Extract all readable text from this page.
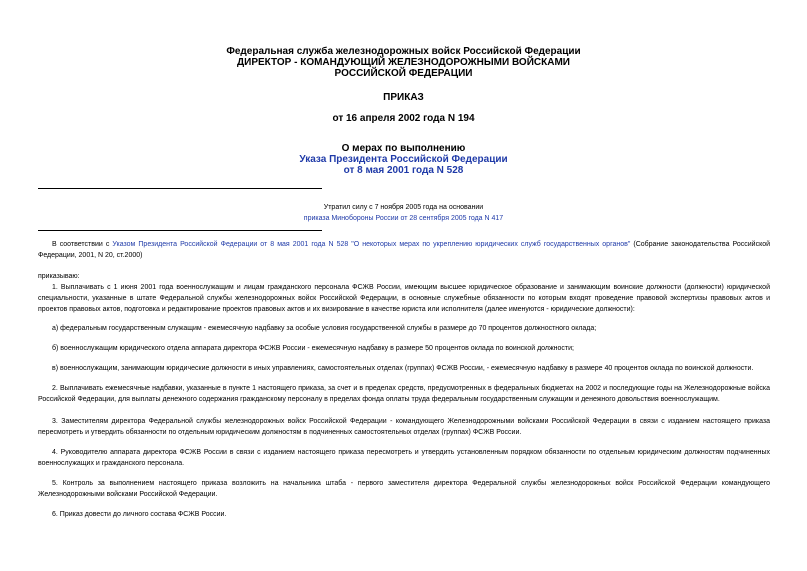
Федеральная служба железнодорожных войск Российской Федерации
ДИРЕКТОР - КОМАНДУЮЩИЙ ЖЕЛЕЗНОДОРОЖНЫМИ ВОЙСКАМИ
РОССИЙСКОЙ ФЕДЕРАЦИИ
ПРИКАЗ
от 16 апреля 2002 года N 194
О мерах по выполнению
Указа Президента Российской Федерации
от 8 мая 2001 года N 528
Утратил силу с 7 ноября 2005 года на основании
приказа Минобороны России от 28 сентября 2005 года N 417
В соответствии с Указом Президента Российской Федерации от 8 мая 2001 года N 528 "О некоторых мерах по укреплению юридических служб государственных органов" (Собрание законодательства Российской Федерации, 2001, N 20, ст.2000)
приказываю:
1. Выплачивать с 1 июня 2001 года военнослужащим и лицам гражданского персонала ФСЖВ России, имеющим высшее юридическое образование и занимающим воинские должности (должности) юридической специальности, указанные в штате Федеральной службы железнодорожных войск Российской Федерации, в основные служебные обязанности по которым входят проведение правовой экспертизы правовых актов и проектов правовых актов, подготовка и редактирование проектов правовых актов и их визирование в качестве юриста или исполнителя (далее именуются - юридические должности):
а) федеральным государственным служащим - ежемесячную надбавку за особые условия государственной службы в размере до 70 процентов должностного оклада;
б) военнослужащим юридического отдела аппарата директора ФСЖВ России - ежемесячную надбавку в размере 50 процентов оклада по воинской должности;
в) военнослужащим, занимающим юридические должности в иных управлениях, самостоятельных отделах (группах) ФСЖВ России, - ежемесячную надбавку в размере 40 процентов оклада по воинской должности.
2. Выплачивать ежемесячные надбавки, указанные в пункте 1 настоящего приказа, за счет и в пределах средств, предусмотренных в федеральных бюджетах на 2002 и последующие годы на Железнодорожные войска Российской Федерации, для выплаты денежного содержания гражданскому персоналу в пределах фонда оплаты труда федеральным государственным служащим и денежного довольствия военнослужащим.
3. Заместителям директора Федеральной службы железнодорожных войск Российской Федерации - командующего Железнодорожными войсками Российской Федерации в связи с изданием настоящего приказа пересмотреть и утвердить обязанности по отдельным юридическим должностям в подчиненных самостоятельных отделах (группах) ФСЖВ России.
4. Руководителю аппарата директора ФСЖВ России в связи с изданием настоящего приказа пересмотреть и утвердить установленным порядком обязанности по отдельным юридическим должностям подчиненных военнослужащих и гражданского персонала.
5. Контроль за выполнением настоящего приказа возложить на начальника штаба - первого заместителя директора Федеральной службы железнодорожных войск Российской Федерации командующего Железнодорожными войсками Российской Федерации.
6. Приказ довести до личного состава ФСЖВ России.
